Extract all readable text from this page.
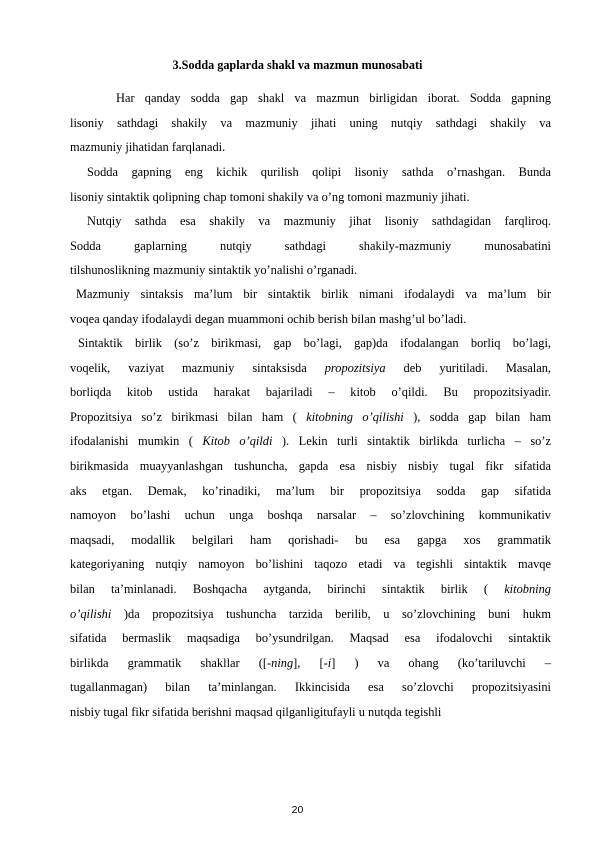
3.Sodda gaplarda shakl va mazmun munosabati
Har qanday sodda gap shakl va mazmun birligidan iborat. Sodda gapning
lisoniy sathdagi shakily va mazmuniy jihati uning nutqiy sathdagi shakily va
mazmuniy jihatidan farqlanadi.
Sodda gapning eng kichik qurilish qolipi lisoniy sathda o’rnashgan. Bunda
lisoniy sintaktik qolipning chap tomoni shakily va o’ng tomoni mazmuniy jihati.
Nutqiy sathda esa shakily va mazmuniy jihat lisoniy sathdagidan farqliroq.
Sodda gaplarning nutqiy sathdagi shakily-mazmuniy munosabatini
tilshunoslikning mazmuniy sintaktik yo’nalishi o’rganadi.
Mazmuniy sintaksis ma’lum bir sintaktik birlik nimani ifodalaydi va ma’lum bir
voqea qanday ifodalaydi degan muammoni ochib berish bilan mashg’ul bo’ladi.
Sintaktik birlik (so’z birikmasi, gap bo’lagi, gap)da ifodalangan borliq bo’lagi,
voqelik, vaziyat mazmuniy sintaksisda propozitsiya deb yuritiladi. Masalan,
borliqda kitob ustida harakat bajariladi – kitob o’qildi. Bu propozitsiyadir.
Propozitsiya so’z birikmasi bilan ham ( kitobning o’qilishi ), sodda gap bilan ham
ifodalanishi mumkin ( Kitob o’qildi ). Lekin turli sintaktik birlikda turlicha – so’z
birikmasida muayyanlashgan tushuncha, gapda esa nisbiy nisbiy tugal fikr sifatida
aks etgan. Demak, ko’rinadiki, ma’lum bir propozitsiya sodda gap sifatida
namoyon bo’lashi uchun unga boshqa narsalar – so’zlovchining kommunikativ
maqsadi, modallik belgilari ham qorishadi- bu esa gapga xos grammatik
kategoriyaning nutqiy namoyon bo’lishini taqozo etadi va tegishli sintaktik mavqe
bilan ta’minlanadi. Boshqacha aytganda, birinchi sintaktik birlik ( kitobning
o’qilishi )da propozitsiya tushuncha tarzida berilib, u so’zlovchining buni hukm
sifatida bermaslik maqsadiga bo’ysundrilgan. Maqsad esa ifodalovchi sintaktik
birlikda grammatik shakllar ([-ning], [-i] ) va ohang (ko’tariluvchi –
tugallanmagan) bilan ta’minlangan. Ikkincisida esa so’zlovchi propozitsiyasini
nisbiy tugal fikr sifatida berishni maqsad qilganligitufayli u nutqda tegishli
20
